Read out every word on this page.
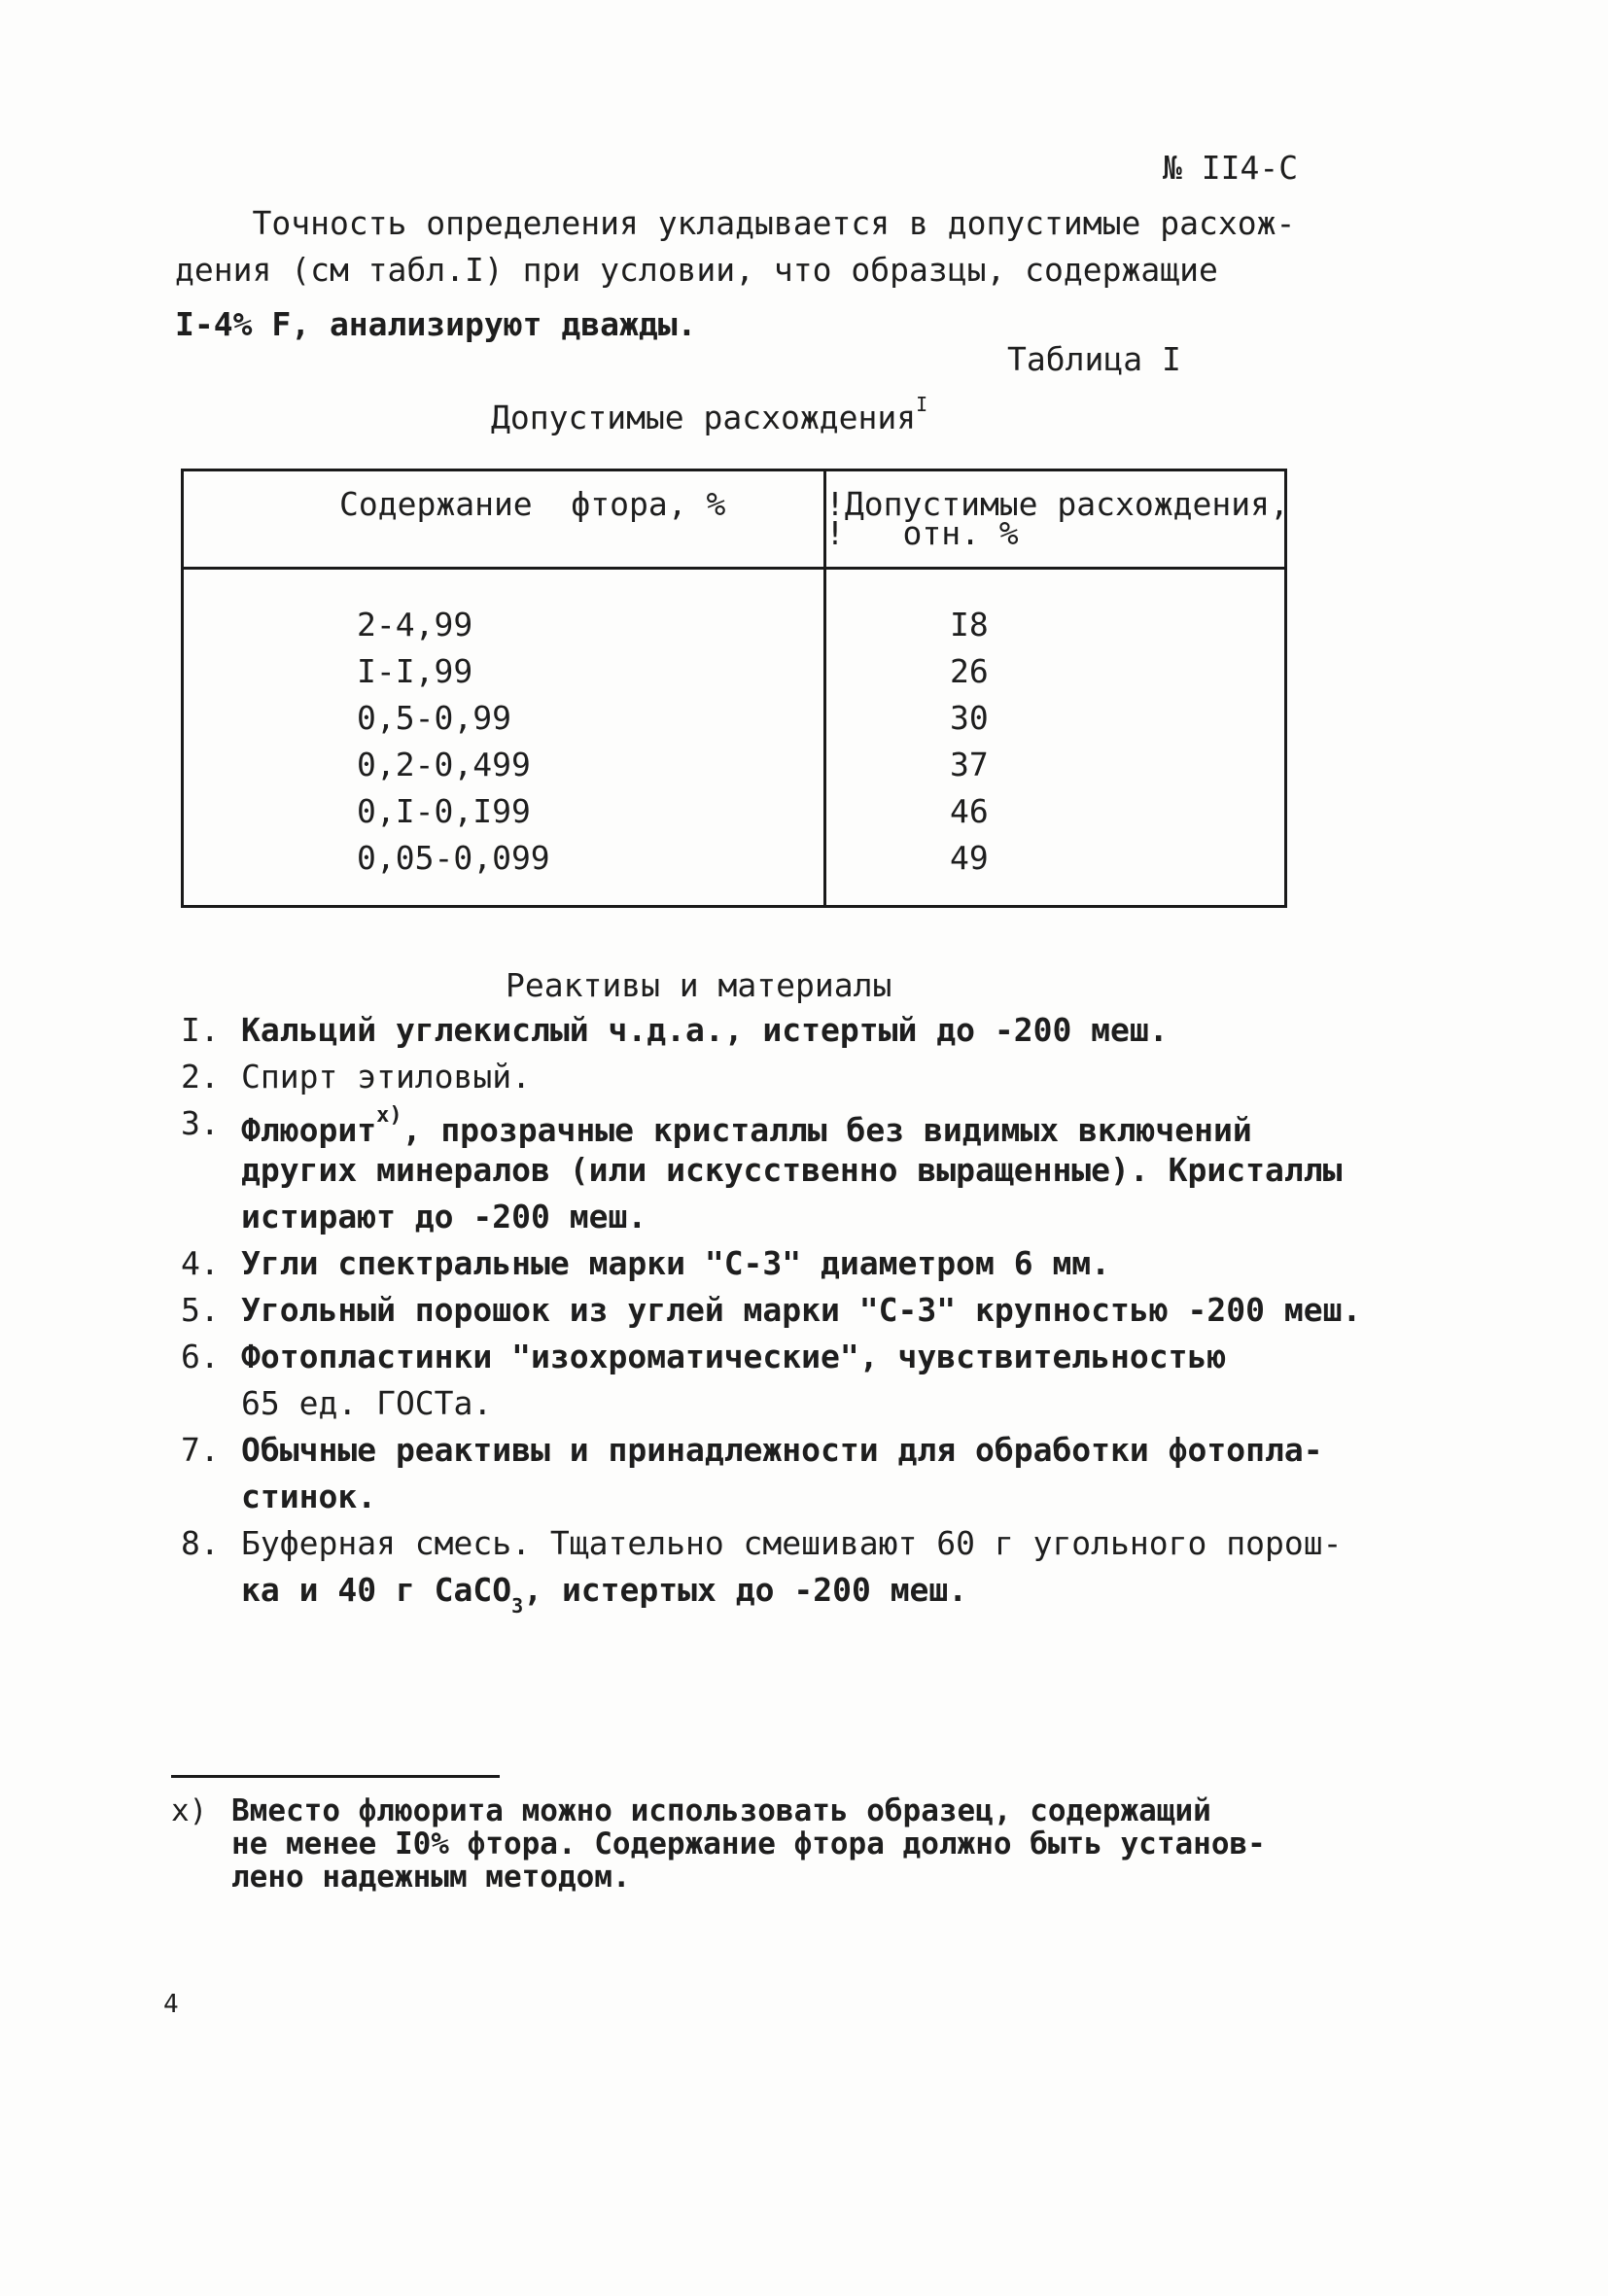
№ II4-С
Точность определения укладывается в допустимые расхож-
дения (см табл.I) при условии, что образцы, содержащие
I-4% F, анализируют дважды.
Таблица I
Допустимые расхождения$^I$
Содержание  фтора, %	!Допустимые расхождения,
!   отн. %
2-4,99	I8
I-I,99	26
0,5-0,99	30
0,2-0,499	37
0,I-0,I99	46
0,05-0,099	49
Реактивы и материалы
I. Кальций углекислый ч.д.а., истертый до -200 меш.
2. Спирт этиловый.
3. Флюорит$^{x)}$, прозрачные кристаллы без видимых включений
других минералов (или искусственно выращенные). Кристаллы
истирают до -200 меш.
4. Угли спектральные марки "С-3" диаметром 6 мм.
5. Угольный порошок из углей марки "С-3" крупностью -200 меш.
6. Фотопластинки "изохроматические", чувствительностью
65 ед. ГОСТа.
7. Обычные реактивы и принадлежности для обработки фотопла-
стинок.
8. Буферная смесь. Тщательно смешивают 60 г угольного порош-
ка и 40 г CaCO$_3$, истертых до -200 меш.
x) Вместо флюорита можно использовать образец, содержащий
не менее I0% фтора. Содержание фтора должно быть установ-
лено надежным методом.
4
